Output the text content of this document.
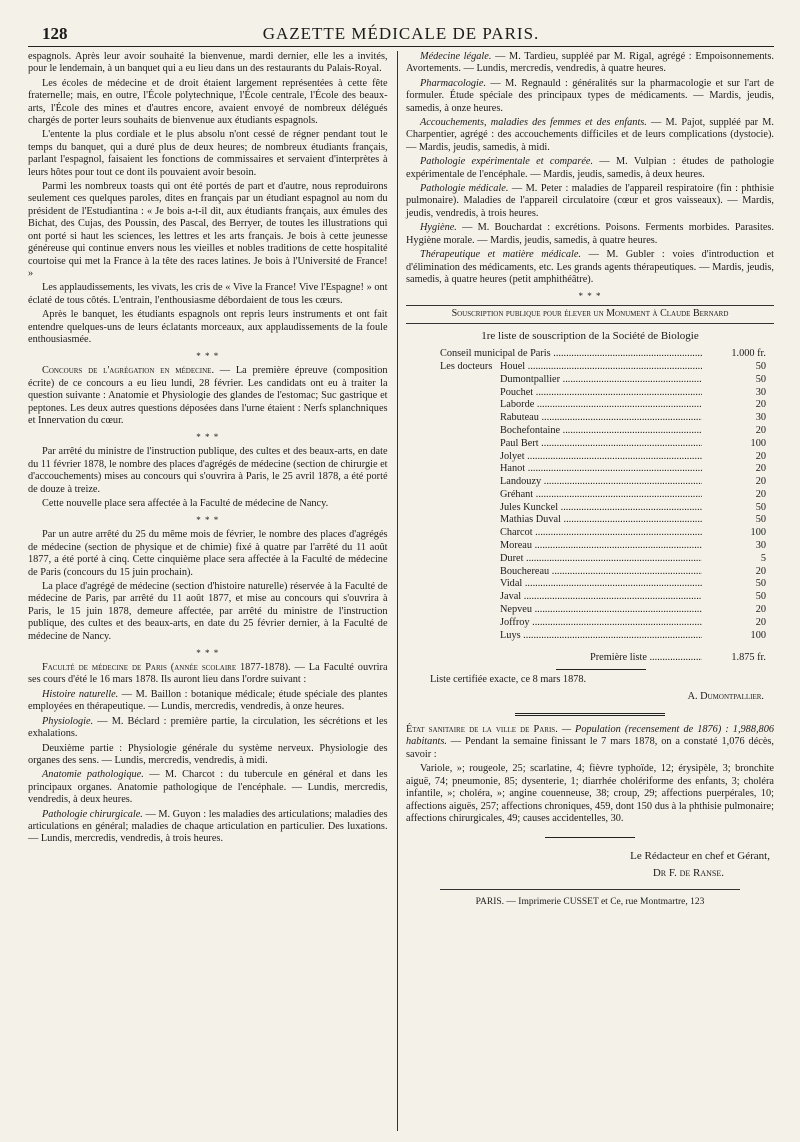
128	GAZETTE MÉDICALE DE PARIS.

espagnols. Après leur avoir souhaité la bienvenue, mardi dernier, elle les a invités, pour le lendemain, à un banquet qui a eu lieu dans un des restaurants du Palais-Royal.

Les écoles de médecine et de droit étaient largement représentées à cette fête fraternelle; mais, en outre, l'École polytechnique, l'École centrale, l'École des beaux-arts, l'École des mines et d'autres encore, avaient envoyé de nombreux délégués chargés de porter leurs souhaits de bienvenue aux étudiants espagnols.

L'entente la plus cordiale et le plus absolu n'ont cessé de régner pendant tout le temps du banquet, qui a duré plus de deux heures; de nombreux étudiants français, parlant l'espagnol, faisaient les fonctions de commissaires et servaient d'interprètes à leurs hôtes pour tout ce dont ils pouvaient avoir besoin.

Parmi les nombreux toasts qui ont été portés de part et d'autre, nous reproduirons seulement ces quelques paroles, dites en français par un étudiant espagnol au nom du président de l'Estudiantina : « Je bois a-t-il dit, aux étudiants français, aux émules des Bichat, des Cujas, des Poussin, des Pascal, des Berryer, de toutes les illustrations qui ont porté si haut les sciences, les lettres et les arts français. Je bois à cette jeunesse généreuse qui continue envers nous les vieilles et nobles traditions de cette hospitalité courtoise qui met la France à la tête des races latines. Je bois à l'Université de France! »

Les applaudissements, les vivats, les cris de « Vive la France! Vive l'Espagne! » ont éclaté de tous côtés. L'entrain, l'enthousiasme débordaient de tous les cœurs.

Après le banquet, les étudiants espagnols ont repris leurs instruments et ont fait entendre quelques-uns de leurs éclatants morceaux, aux applaudissements de la foule enthousiasmée.

* * *

Concours de l'agrégation en médecine. — La première épreuve (composition écrite) de ce concours a eu lieu lundi, 28 février. Les candidats ont eu à traiter la question suivante : Anatomie et Physiologie des glandes de l'estomac; Suc gastrique et peptones. Les deux autres questions déposées dans l'urne étaient : Nerfs splanchniques et Innervation du cœur.

* * *

Par arrêté du ministre de l'instruction publique, des cultes et des beaux-arts, en date du 11 février 1878, le nombre des places d'agrégés de médecine (section de chirurgie et d'accouchements) mises au concours qui s'ouvrira à Paris, le 25 avril 1878, a été porté de douze à treize.

Cette nouvelle place sera affectée à la Faculté de médecine de Nancy.

* * *

Par un autre arrêté du 25 du même mois de février, le nombre des places d'agrégés de médecine (section de physique et de chimie) fixé à quatre par l'arrêté du 11 août 1877, a été porté à cinq. Cette cinquième place sera affectée à la Faculté de médecine de Paris (concours du 15 juin prochain).

La place d'agrégé de médecine (section d'histoire naturelle) réservée à la Faculté de médecine de Paris, par arrêté du 11 août 1877, et mise au concours qui s'ouvrira à Paris, le 15 juin 1878, demeure affectée, par arrêté du ministre de l'instruction publique, des cultes et des beaux-arts, en date du 25 février dernier, à la Faculté de médecine de Nancy.

* * *

Faculté de médecine de Paris (année scolaire 1877-1878). — La Faculté ouvrira ses cours d'été le 16 mars 1878. Ils auront lieu dans l'ordre suivant :

Histoire naturelle. — M. Baillon : botanique médicale; étude spéciale des plantes employées en thérapeutique. — Lundis, mercredis, vendredis, à onze heures.

Physiologie. — M. Béclard : première partie, la circulation, les sécrétions et les exhalations.

Deuxième partie : Physiologie générale du système nerveux. Physiologie des organes des sens. — Lundis, mercredis, vendredis, à midi.

Anatomie pathologique. — M. Charcot : du tubercule en général et dans les principaux organes. Anatomie pathologique de l'encéphale. — Lundis, mercredis, vendredis, à deux heures.

Pathologie chirurgicale. — M. Guyon : les maladies des articulations; maladies des articulations en général; maladies de chaque articulation en particulier. Des luxations. — Lundis, mercredis, vendredis, à trois heures.

Médecine légale. — M. Tardieu, suppléé par M. Rigal, agrégé : Empoisonnements. Avortements. — Lundis, mercredis, vendredis, à quatre heures.

Pharmacologie. — M. Regnauld : généralités sur la pharmacologie et sur l'art de formuler. Étude spéciale des principaux types de médicaments. — Mardis, jeudis, samedis, à onze heures.

Accouchements, maladies des femmes et des enfants. — M. Pajot, suppléé par M. Charpentier, agrégé : des accouchements difficiles et de leurs complications (dystocie). — Mardis, jeudis, samedis, à midi.

Pathologie expérimentale et comparée. — M. Vulpian : études de pathologie expérimentale de l'encéphale. — Mardis, jeudis, samedis, à deux heures.

Pathologie médicale. — M. Peter : maladies de l'appareil respiratoire (fin : phthisie pulmonaire). Maladies de l'appareil circulatoire (cœur et gros vaisseaux). — Mardis, jeudis, vendredis, à trois heures.

Hygiène. — M. Bouchardat : excrétions. Poisons. Ferments morbides. Parasites. Hygiène morale. — Mardis, jeudis, samedis, à quatre heures.

Thérapeutique et matière médicale. — M. Gubler : voies d'introduction et d'élimination des médicaments, etc. Les grands agents thérapeutiques. — Mardis, jeudis, samedis, à quatre heures (petit amphithéâtre).

* * *
Souscription publique pour élever un Monument à Claude Bernard
1re liste de souscription de la Société de Biologie
Conseil municipal de Paris .....	1.000 fr.
Les docteurs Houel .....	50
Dumontpallier .....	50
Pouchet .....	30
Laborde .....	20
Rabuteau .....	30
Bochefontaine .....	20
Paul Bert .....	100
Jolyet .....	20
Hanot .....	20
Landouzy .....	20
Gréhant .....	20
Jules Kunckel .....	50
Mathias Duval .....	50
Charcot .....	100
Moreau .....	30
Duret .....	5
Bouchereau .....	20
Vidal .....	50
Javal .....	50
Nepveu .....	20
Joffroy .....	20
Luys .....	100
Première liste .....	1.875 fr.
Liste certifiée exacte, ce 8 mars 1878.
A. Dumontpallier.

État sanitaire de la ville de Paris. — Population (recensement de 1876) : 1,988,806 habitants. — Pendant la semaine finissant le 7 mars 1878, on a constaté 1,076 décès, savoir :

Variole, »; rougeole, 25; scarlatine, 4; fièvre typhoïde, 12; érysipèle, 3; bronchite aiguë, 74; pneumonie, 85; dysenterie, 1; diarrhée cholériforme des enfants, 3; choléra infantile, »; choléra, »; angine couenneuse, 38; croup, 29; affections puerpérales, 10; affections aiguës, 257; affections chroniques, 459, dont 150 dus à la phthisie pulmonaire; affections chirurgicales, 49; causes accidentelles, 30.

Le Rédacteur en chef et Gérant,
Dr F. de Ranse.
PARIS. — Imprimerie CUSSET et Ce, rue Montmartre, 123
